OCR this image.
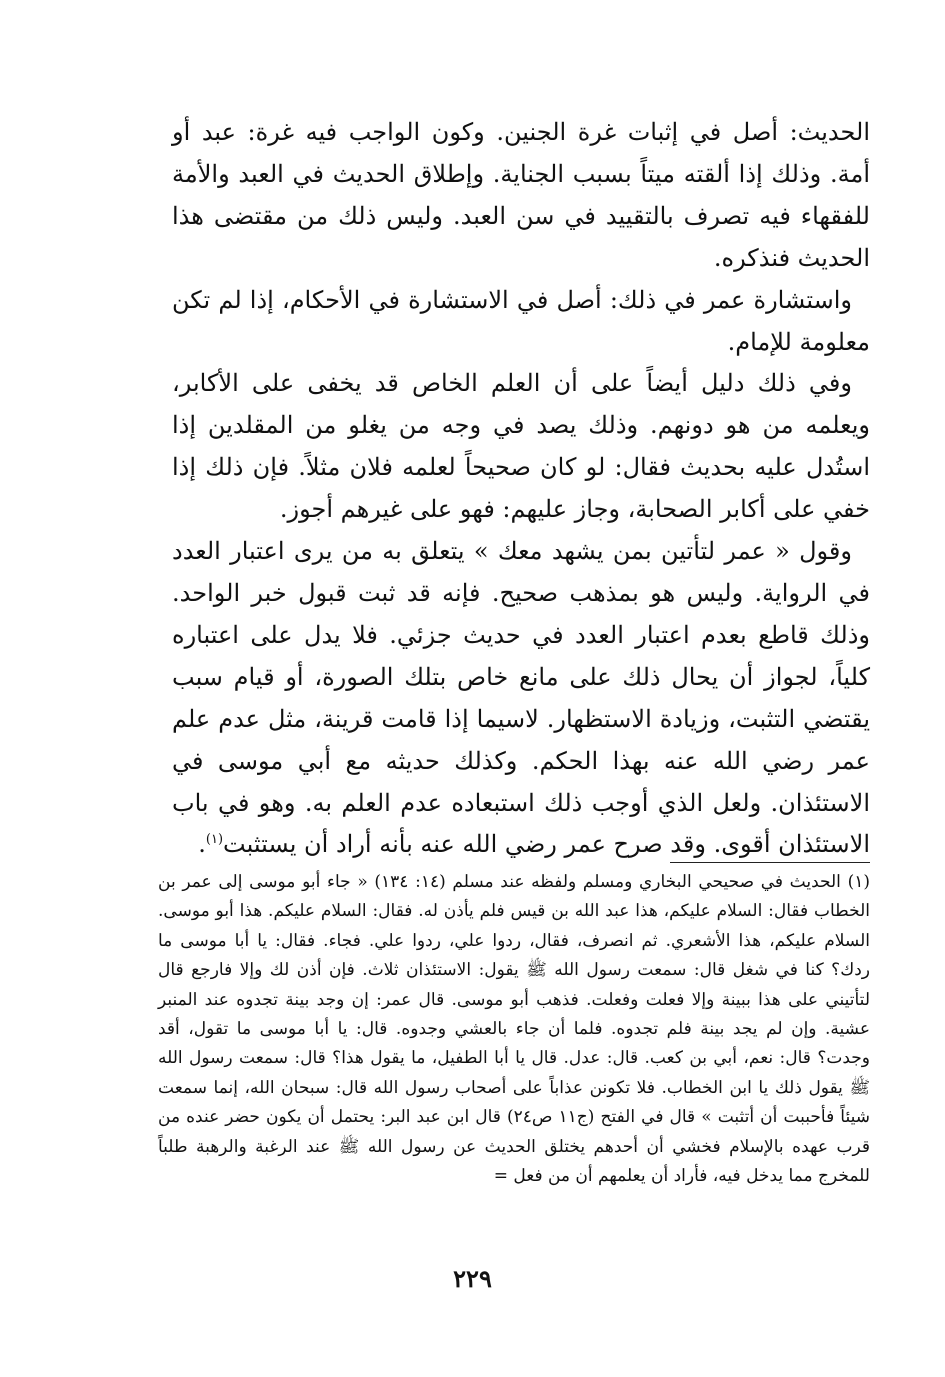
الحديث: أصل في إثبات غرة الجنين. وكون الواجب فيه غرة: عبد أو أمة. وذلك إذا ألقته ميتاً بسبب الجناية. وإطلاق الحديث في العبد والأمة للفقهاء فيه تصرف بالتقييد في سن العبد. وليس ذلك من مقتضى هذا الحديث فنذكره.

واستشارة عمر في ذلك: أصل في الاستشارة في الأحكام، إذا لم تكن معلومة للإمام.

وفي ذلك دليل أيضاً على أن العلم الخاص قد يخفى على الأكابر، ويعلمه من هو دونهم. وذلك يصد في وجه من يغلو من المقلدين إذا استُدل عليه بحديث فقال: لو كان صحيحاً لعلمه فلان مثلاً. فإن ذلك إذا خفي على أكابر الصحابة، وجاز عليهم: فهو على غيرهم أجوز.

وقول « عمر لتأتين بمن يشهد معك » يتعلق به من يرى اعتبار العدد في الرواية. وليس هو بمذهب صحيح. فإنه قد ثبت قبول خبر الواحد. وذلك قاطع بعدم اعتبار العدد في حديث جزئي. فلا يدل على اعتباره كلياً، لجواز أن يحال ذلك على مانع خاص بتلك الصورة، أو قيام سبب يقتضي التثبت، وزيادة الاستظهار. لاسيما إذا قامت قرينة، مثل عدم علم عمر رضي الله عنه بهذا الحكم. وكذلك حديثه مع أبي موسى في الاستئذان. ولعل الذي أوجب ذلك استبعاده عدم العلم به. وهو في باب الاستئذان أقوى. وقد صرح عمر رضي الله عنه بأنه أراد أن يستثبت$^{(١)}$.

(١) الحديث في صحيحي البخاري ومسلم ولفظه عند مسلم (١٤: ١٣٤) « جاء أبو موسى إلى عمر بن الخطاب فقال: السلام عليكم، هذا عبد الله بن قيس فلم يأذن له. فقال: السلام عليكم. هذا أبو موسى. السلام عليكم، هذا الأشعري. ثم انصرف، فقال، ردوا علي، ردوا علي. فجاء. فقال: يا أبا موسى ما ردك؟ كنا في شغل قال: سمعت رسول الله ﷺ يقول: الاستئذان ثلاث. فإن أذن لك وإلا فارجع قال لتأتيني على هذا ببينة وإلا فعلت وفعلت. فذهب أبو موسى. قال عمر: إن وجد بينة تجدوه عند المنبر عشية. وإن لم يجد بينة فلم تجدوه. فلما أن جاء بالعشي وجدوه. قال: يا أبا موسى ما تقول، أقد وجدت؟ قال: نعم، أبي بن كعب. قال: عدل. قال يا أبا الطفيل، ما يقول هذا؟ قال: سمعت رسول الله ﷺ يقول ذلك يا ابن الخطاب. فلا تكونن عذاباً على أصحاب رسول الله قال: سبحان الله، إنما سمعت شيئاً فأحببت أن أتثبت » قال في الفتح (ج١١ ص٢٤) قال ابن عبد البر: يحتمل أن يكون حضر عنده من قرب عهده بالإسلام فخشي أن أحدهم يختلق الحديث عن رسول الله ﷺ عند الرغبة والرهبة طلباً للمخرج مما يدخل فيه، فأراد أن يعلمهم أن من فعل =

٢٢٩
